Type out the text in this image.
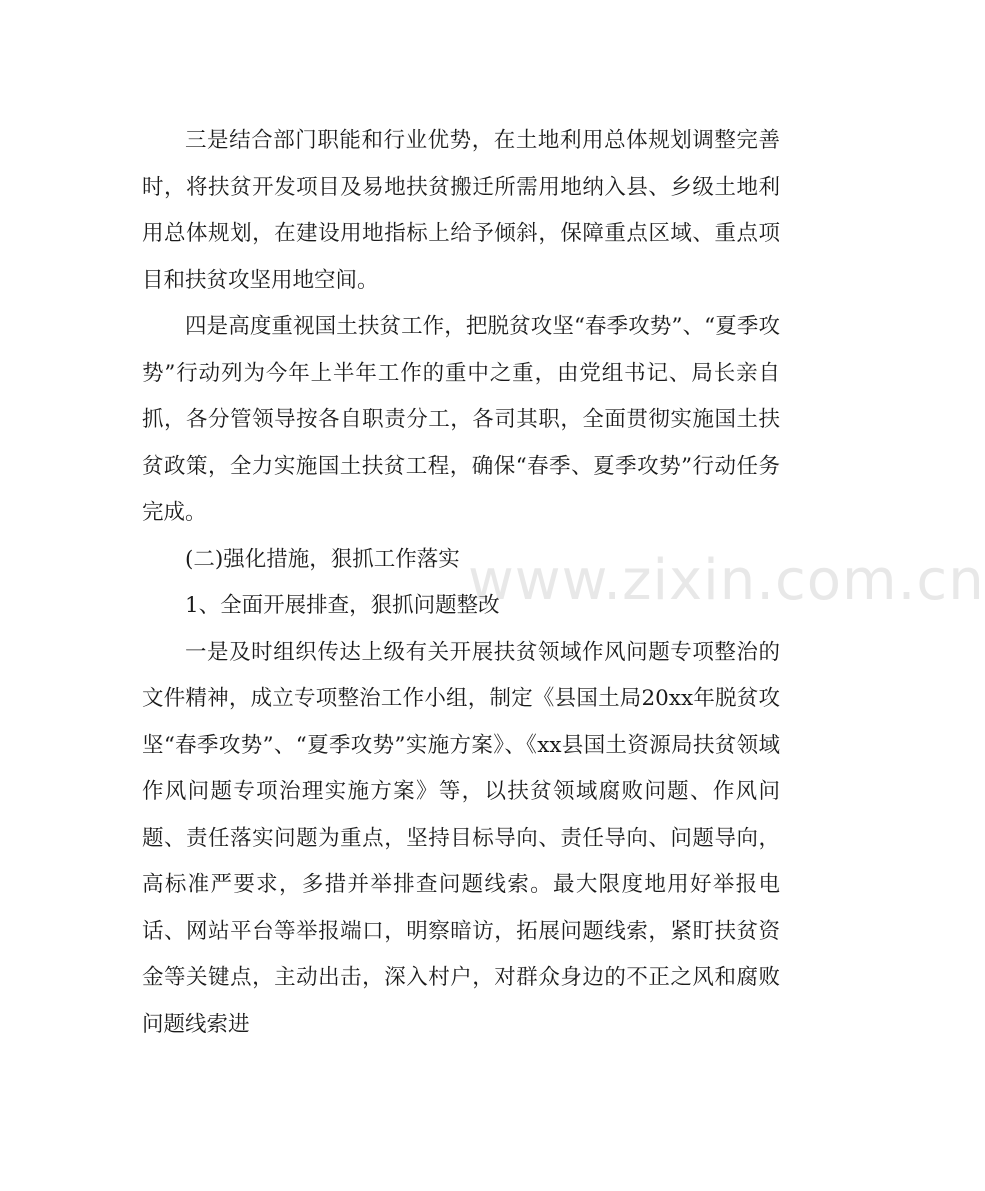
三是结合部门职能和行业优势，在土地利用总体规划调整完善时，将扶贫开发项目及易地扶贫搬迁所需用地纳入县、乡级土地利用总体规划，在建设用地指标上给予倾斜，保障重点区域、重点项目和扶贫攻坚用地空间。

四是高度重视国土扶贫工作，把脱贫攻坚“春季攻势”、“夏季攻势”行动列为今年上半年工作的重中之重，由党组书记、局长亲自抓，各分管领导按各自职责分工，各司其职，全面贯彻实施国土扶贫政策，全力实施国土扶贫工程，确保“春季、夏季攻势”行动任务完成。

(二)强化措施，狠抓工作落实

1、全面开展排查，狠抓问题整改

一是及时组织传达上级有关开展扶贫领域作风问题专项整治的文件精神，成立专项整治工作小组，制定《县国土局20xx年脱贫攻坚“春季攻势”、“夏季攻势”实施方案》、《xx县国土资源局扶贫领域作风问题专项治理实施方案》等，以扶贫领域腐败问题、作风问题、责任落实问题为重点，坚持目标导向、责任导向、问题导向，高标准严要求，多措并举排查问题线索。最大限度地用好举报电话、网站平台等举报端口，明察暗访，拓展问题线索，紧盯扶贫资金等关键点，主动出击，深入村户，对群众身边的不正之风和腐败问题线索进

www.zixin.com.cn
